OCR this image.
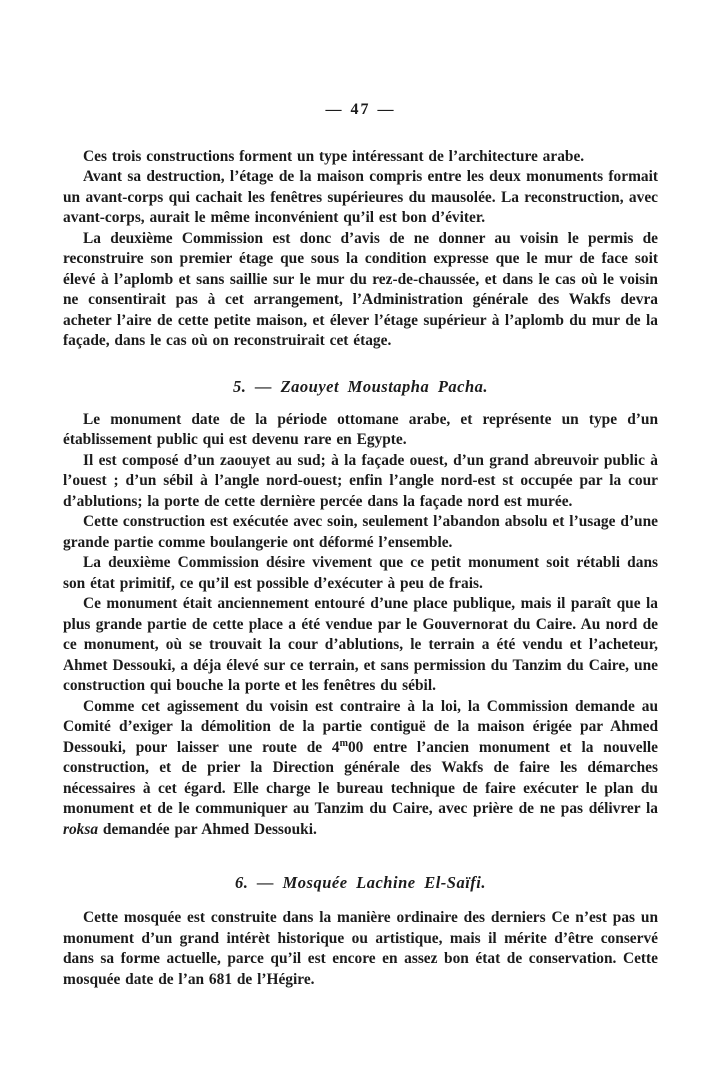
— 47 —

Ces trois constructions forment un type intéressant de l’architecture arabe.

Avant sa destruction, l’étage de la maison compris entre les deux monuments formait un avant-corps qui cachait les fenêtres supérieures du mausolée. La reconstruction, avec avant-corps, aurait le même inconvénient qu’il est bon d’éviter.

La deuxième Commission est donc d’avis de ne donner au voisin le permis de reconstruire son premier étage que sous la condition expresse que le mur de face soit élevé à l’aplomb et sans saillie sur le mur du rez-de-chaussée, et dans le cas où le voisin ne consentirait pas à cet arrangement, l’Administration générale des Wakfs devra acheter l’aire de cette petite maison, et élever l’étage supérieur à l’aplomb du mur de la façade, dans le cas où on reconstruirait cet étage.

5. — Zaouyet Moustapha Pacha.

Le monument date de la période ottomane arabe, et représente un type d’un établissement public qui est devenu rare en Egypte.

Il est composé d’un zaouyet au sud; à la façade ouest, d’un grand abreuvoir public à l’ouest ; d’un sébil à l’angle nord-ouest; enfin l’angle nord-est st occupée par la cour d’ablutions; la porte de cette dernière percée dans la façade nord est murée.

Cette construction est exécutée avec soin, seulement l’abandon absolu et l’usage d’une grande partie comme boulangerie ont déformé l’ensemble.

La deuxième Commission désire vivement que ce petit monument soit rétabli dans son état primitif, ce qu’il est possible d’exécuter à peu de frais.

Ce monument était anciennement entouré d’une place publique, mais il paraît que la plus grande partie de cette place a été vendue par le Gouvernorat du Caire. Au nord de ce monument, où se trouvait la cour d’ablutions, le terrain a été vendu et l’acheteur, Ahmet Dessouki, a déja élevé sur ce terrain, et sans permission du Tanzim du Caire, une construction qui bouche la porte et les fenêtres du sébil.

Comme cet agissement du voisin est contraire à la loi, la Commission demande au Comité d’exiger la démolition de la partie contiguë de la maison érigée par Ahmed Dessouki, pour laisser une route de 4$^m$00 entre l’ancien monument et la nouvelle construction, et de prier la Direction générale des Wakfs de faire les démarches nécessaires à cet égard. Elle charge le bureau technique de faire exécuter le plan du monument et de le communiquer au Tanzim du Caire, avec prière de ne pas délivrer la roksa demandée par Ahmed Dessouki.

6. — Mosquée Lachine El-Saïfi.

Cette mosquée est construite dans la manière ordinaire des derniers Ce n’est pas un monument d’un grand intérèt historique ou artistique, mais il mérite d’être conservé dans sa forme actuelle, parce qu’il est encore en assez bon état de conservation. Cette mosquée date de l’an 681 de l’Hégire.
